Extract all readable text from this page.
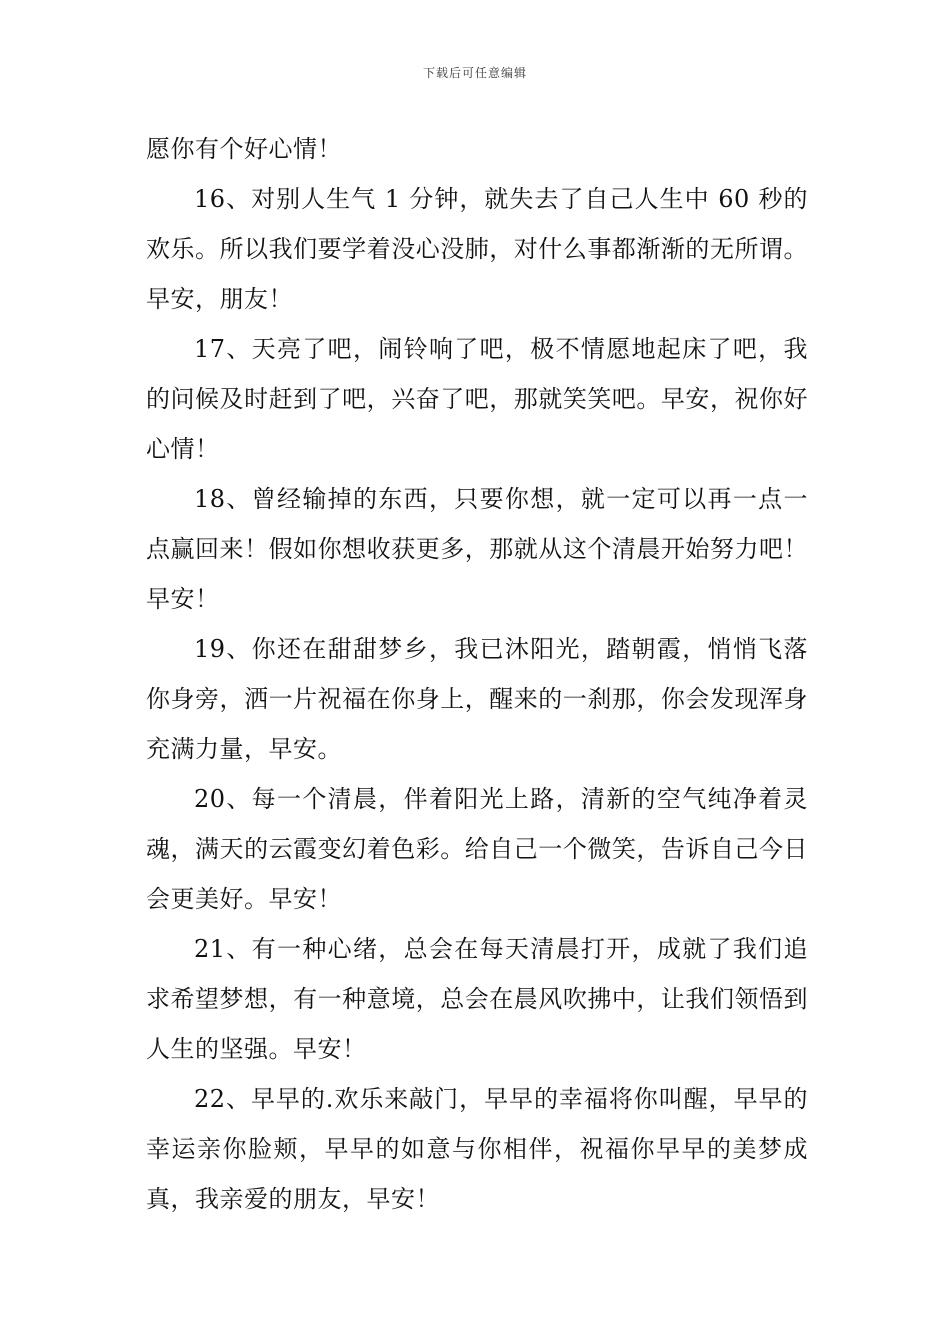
下载后可任意编辑

愿你有个好心情！

16、对别人生气 1 分钟，就失去了自己人生中 60 秒的欢乐。所以我们要学着没心没肺，对什么事都渐渐的无所谓。早安，朋友！

17、天亮了吧，闹铃响了吧，极不情愿地起床了吧，我的问候及时赶到了吧，兴奋了吧，那就笑笑吧。早安，祝你好心情！

18、曾经输掉的东西，只要你想，就一定可以再一点一点赢回来！假如你想收获更多，那就从这个清晨开始努力吧！早安！

19、你还在甜甜梦乡，我已沐阳光，踏朝霞，悄悄飞落你身旁，洒一片祝福在你身上，醒来的一刹那，你会发现浑身充满力量，早安。

20、每一个清晨，伴着阳光上路，清新的空气纯净着灵魂，满天的云霞变幻着色彩。给自己一个微笑，告诉自己今日会更美好。早安！

21、有一种心绪，总会在每天清晨打开，成就了我们追求希望梦想，有一种意境，总会在晨风吹拂中，让我们领悟到人生的坚强。早安！

22、早早的.欢乐来敲门，早早的幸福将你叫醒，早早的幸运亲你脸颊，早早的如意与你相伴，祝福你早早的美梦成真，我亲爱的朋友，早安！
